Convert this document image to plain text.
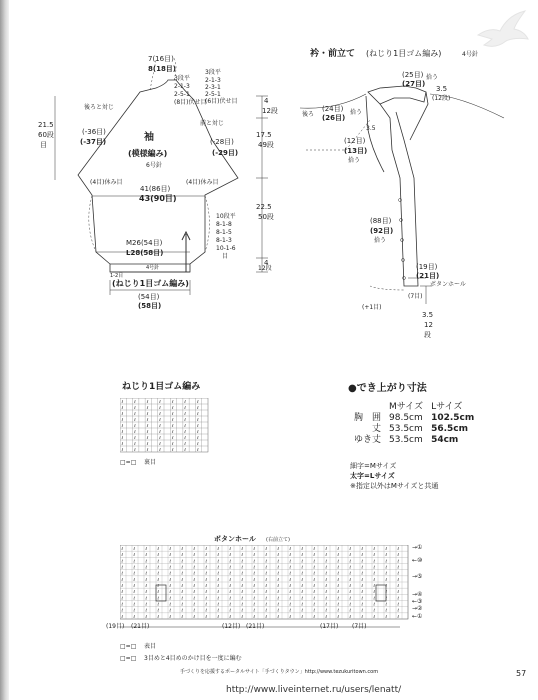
7(16目)
8(18目)	3段平
2-1-3
2-3-1
2-5-1
(6目)伏せ目
3段平
2-1-3
2-5-1
(8目)伏せ目
後ろと対じ
前と対じ
(-36目)
(-37目)	(-28目)
(-29目)
袖
(模様編み)
6号針
(4目)休み目	(4目)休み目
41(86目)
43(90目)
21.5
60段
目
4
12段
17.5
49段
22.5
50段
4
12段
10段平
8-1-8
8-1-5
8-1-3
10-1-6
目
M26(54目)
L28(58目)
1-2目
4号針
(ねじり1目ゴム編み)
(54目)
(58目)
衿・前立て (ねじり1目ゴム編み)	4号針
(25目)
(27目)
拾う
3.5
(12段)
後ろ
(24目)
(26目)
拾う
3.5
(12目)
(13目)
拾う
(88目)
(92目)
拾う
(19目)
(21目)
ボタンホール
(7目)
(+1目)
3.5
12
段
ねじり1目ゴム編み
ℓ	ℓ	ℓ	ℓ	ℓ	ℓ	ℓ
ℓ	ℓ	ℓ	ℓ	ℓ	ℓ	ℓ
ℓ	ℓ	ℓ	ℓ	ℓ	ℓ	ℓ
ℓ	ℓ	ℓ	ℓ	ℓ	ℓ	ℓ
ℓ	ℓ	ℓ	ℓ	ℓ	ℓ	ℓ
ℓ	ℓ	ℓ	ℓ	ℓ	ℓ	ℓ
ℓ	ℓ	ℓ	ℓ	ℓ	ℓ	ℓ
ℓ	ℓ	ℓ	ℓ	ℓ	ℓ	ℓ
ℓ	ℓ	ℓ	ℓ	ℓ	ℓ	ℓ
□=□ 裏目
●でき上がり寸法
	Mサイズ	Lサイズ
胸　囲	98.5cm	102.5cm
丈	53.5cm	56.5cm
ゆき丈	53.5cm	54cm
細字=Mサイズ
太字=Lサイズ
※指定以外はMサイズと共通
ボタンホール (右前立て)
ℓ	ℓ	ℓ	ℓ	ℓ	ℓ	ℓ	ℓ	ℓ	ℓ	ℓ	ℓ	ℓ	ℓ	ℓ	ℓ	ℓ	ℓ	ℓ	ℓ	ℓ	ℓ	ℓ	ℓ
ℓ	ℓ	ℓ	ℓ	ℓ	ℓ	ℓ	ℓ	ℓ	ℓ	ℓ	ℓ	ℓ	ℓ	ℓ	ℓ	ℓ	ℓ	ℓ	ℓ	ℓ	ℓ	ℓ	ℓ
ℓ	ℓ	ℓ	ℓ	ℓ	ℓ	ℓ	ℓ	ℓ	ℓ	ℓ	ℓ	ℓ	ℓ	ℓ	ℓ	ℓ	ℓ	ℓ	ℓ	ℓ	ℓ	ℓ	ℓ
ℓ	ℓ	ℓ	ℓ	ℓ	ℓ	ℓ	ℓ	ℓ	ℓ	ℓ	ℓ	ℓ	ℓ	ℓ	ℓ	ℓ	ℓ	ℓ	ℓ	ℓ	ℓ	ℓ	ℓ
ℓ	ℓ	ℓ	ℓ	ℓ	ℓ	ℓ	ℓ	ℓ	ℓ	ℓ	ℓ	ℓ	ℓ	ℓ	ℓ	ℓ	ℓ	ℓ	ℓ	ℓ	ℓ	ℓ	ℓ
ℓ	ℓ	ℓ	ℓ	ℓ	ℓ	ℓ	ℓ	ℓ	ℓ	ℓ	ℓ	ℓ	ℓ	ℓ	ℓ	ℓ	ℓ	ℓ	ℓ	ℓ	ℓ	ℓ	ℓ
ℓ	ℓ	ℓ	ℓ	ℓ	ℓ	ℓ	ℓ	ℓ	ℓ	ℓ	ℓ	ℓ	ℓ	ℓ	ℓ	ℓ	ℓ	ℓ	ℓ	ℓ	ℓ	ℓ	ℓ
ℓ	ℓ	ℓ	ℓ	ℓ	ℓ	ℓ	ℓ	ℓ	ℓ	ℓ	ℓ	ℓ	ℓ	ℓ	ℓ	ℓ	ℓ	ℓ	ℓ	ℓ	ℓ	ℓ	ℓ
ℓ	ℓ	ℓ	ℓ	ℓ	ℓ	ℓ	ℓ	ℓ	ℓ	ℓ	ℓ	ℓ	ℓ	ℓ	ℓ	ℓ	ℓ	ℓ	ℓ	ℓ	ℓ	ℓ	ℓ
ℓ	ℓ	ℓ	ℓ	ℓ	ℓ	ℓ	ℓ	ℓ	ℓ	ℓ	ℓ	ℓ	ℓ	ℓ	ℓ	ℓ	ℓ	ℓ	ℓ	ℓ	ℓ	ℓ	ℓ
ℓ	ℓ	ℓ	ℓ	ℓ	ℓ	ℓ	ℓ	ℓ	ℓ	ℓ	ℓ	ℓ	ℓ	ℓ	ℓ	ℓ	ℓ	ℓ	ℓ	ℓ	ℓ	ℓ	ℓ
ℓ	ℓ	ℓ	ℓ	ℓ	ℓ	ℓ	ℓ	ℓ	ℓ	ℓ	ℓ	ℓ	ℓ	ℓ	ℓ	ℓ	ℓ	ℓ	ℓ	ℓ	ℓ	ℓ	ℓ
→①
←⑩
→⑤
→④
←③
→②
←①
(19目) (21目)	(12目) (21目)	(17目) (7目)
□=□ 表目
□=□ 3目めと4目めのかけ目を一度に編む
手づくりを応援するポータルサイト「手づくりタウン」http://www.tezukuritown.com	57
http://www.liveinternet.ru/users/lenatt/
